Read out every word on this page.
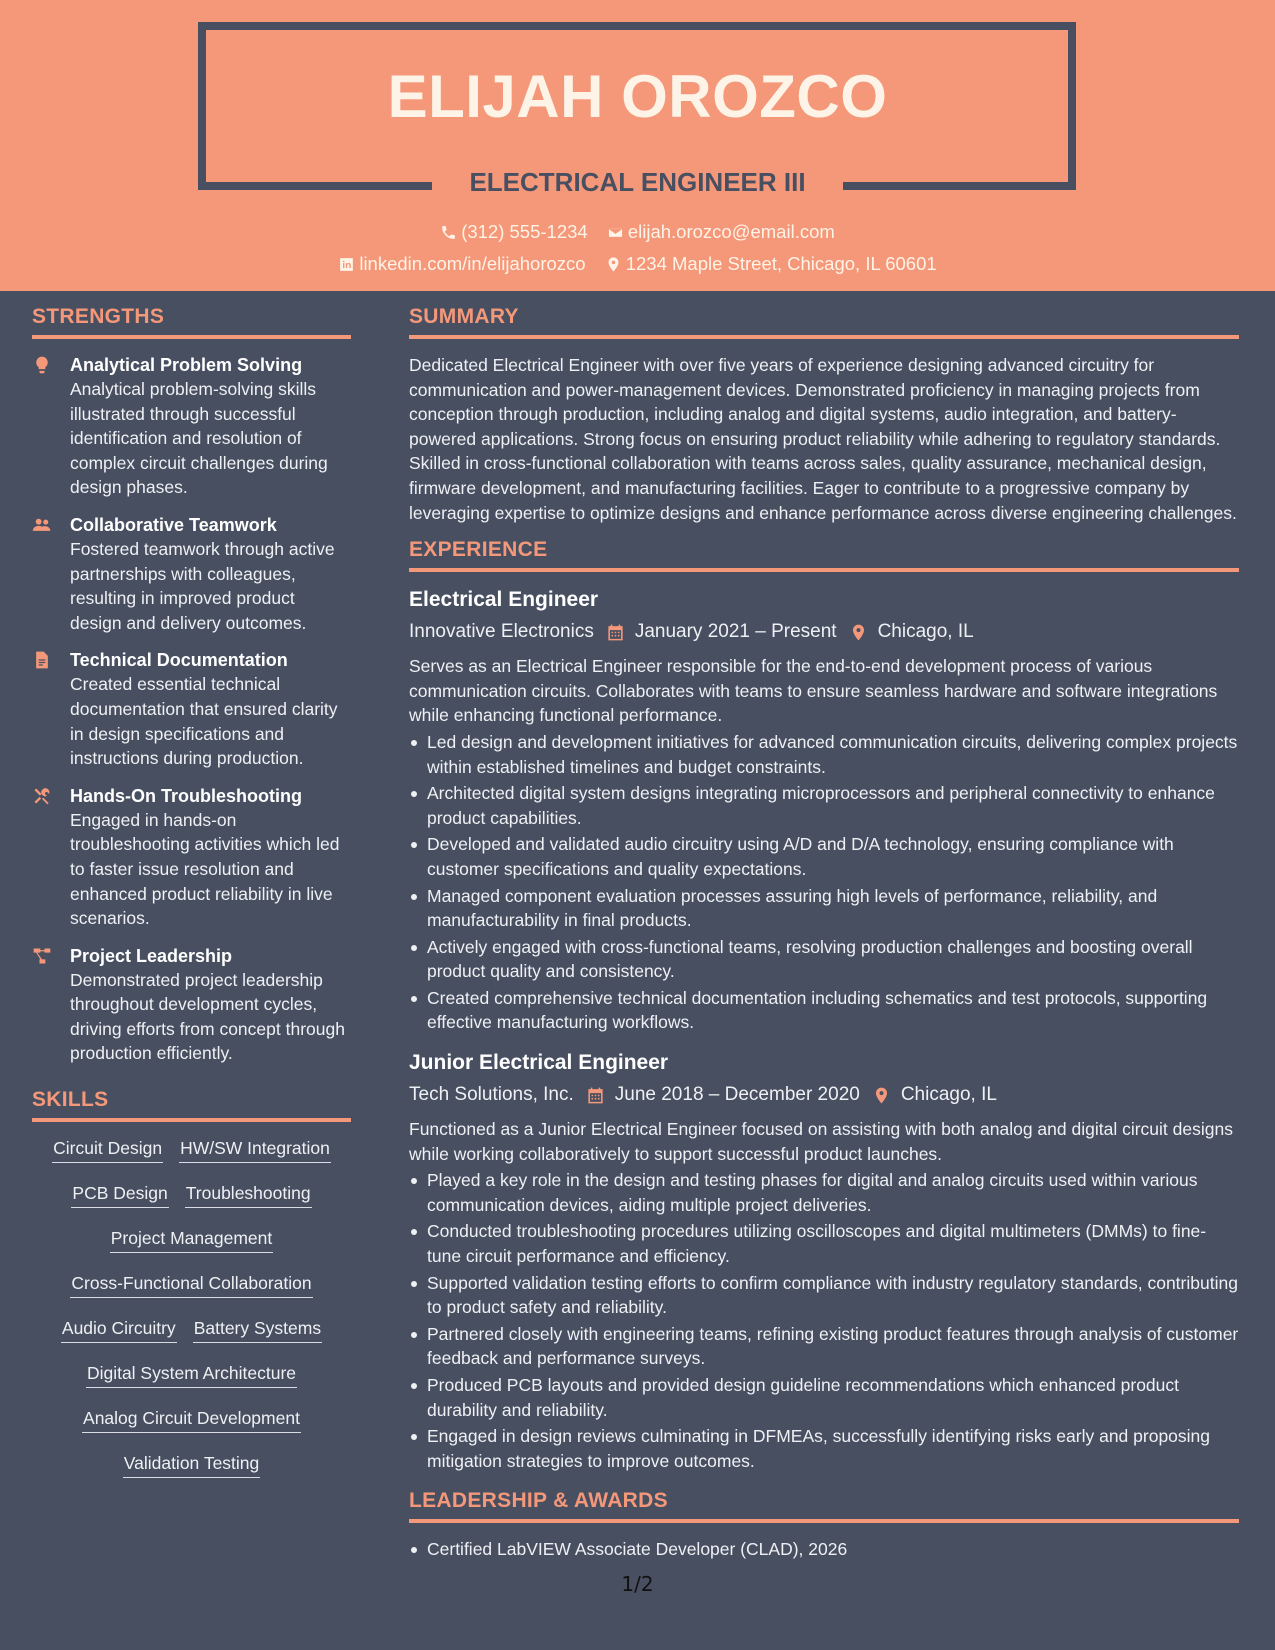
ELIJAH OROZCO
ELECTRICAL ENGINEER III
(312) 555-1234
elijah.orozco@email.com
linkedin.com/in/elijahorozco
1234 Maple Street, Chicago, IL 60601
STRENGTHS
Analytical Problem Solving
Analytical problem-solving skills illustrated through successful identification and resolution of complex circuit challenges during design phases.
Collaborative Teamwork
Fostered teamwork through active partnerships with colleagues, resulting in improved product design and delivery outcomes.
Technical Documentation
Created essential technical documentation that ensured clarity in design specifications and instructions during production.
Hands-On Troubleshooting
Engaged in hands-on troubleshooting activities which led to faster issue resolution and enhanced product reliability in live scenarios.
Project Leadership
Demonstrated project leadership throughout development cycles, driving efforts from concept through production efficiently.
SKILLS
Circuit Design HW/SW Integration
PCB Design Troubleshooting
Project Management
Cross-Functional Collaboration
Audio Circuitry Battery Systems
Digital System Architecture
Analog Circuit Development
Validation Testing
SUMMARY
Dedicated Electrical Engineer with over five years of experience designing advanced circuitry for communication and power-management devices. Demonstrated proficiency in managing projects from conception through production, including analog and digital systems, audio integration, and battery-powered applications. Strong focus on ensuring product reliability while adhering to regulatory standards. Skilled in cross-functional collaboration with teams across sales, quality assurance, mechanical design, firmware development, and manufacturing facilities. Eager to contribute to a progressive company by leveraging expertise to optimize designs and enhance performance across diverse engineering challenges.
EXPERIENCE
Electrical Engineer
Innovative Electronics January 2021 – Present Chicago, IL
Serves as an Electrical Engineer responsible for the end-to-end development process of various communication circuits. Collaborates with teams to ensure seamless hardware and software integrations while enhancing functional performance.
Led design and development initiatives for advanced communication circuits, delivering complex projects within established timelines and budget constraints.
Architected digital system designs integrating microprocessors and peripheral connectivity to enhance product capabilities.
Developed and validated audio circuitry using A/D and D/A technology, ensuring compliance with customer specifications and quality expectations.
Managed component evaluation processes assuring high levels of performance, reliability, and manufacturability in final products.
Actively engaged with cross-functional teams, resolving production challenges and boosting overall product quality and consistency.
Created comprehensive technical documentation including schematics and test protocols, supporting effective manufacturing workflows.
Junior Electrical Engineer
Tech Solutions, Inc. June 2018 – December 2020 Chicago, IL
Functioned as a Junior Electrical Engineer focused on assisting with both analog and digital circuit designs while working collaboratively to support successful product launches.
Played a key role in the design and testing phases for digital and analog circuits used within various communication devices, aiding multiple project deliveries.
Conducted troubleshooting procedures utilizing oscilloscopes and digital multimeters (DMMs) to fine-tune circuit performance and efficiency.
Supported validation testing efforts to confirm compliance with industry regulatory standards, contributing to product safety and reliability.
Partnered closely with engineering teams, refining existing product features through analysis of customer feedback and performance surveys.
Produced PCB layouts and provided design guideline recommendations which enhanced product durability and reliability.
Engaged in design reviews culminating in DFMEAs, successfully identifying risks early and proposing mitigation strategies to improve outcomes.
LEADERSHIP & AWARDS
Certified LabVIEW Associate Developer (CLAD), 2026
1/2
